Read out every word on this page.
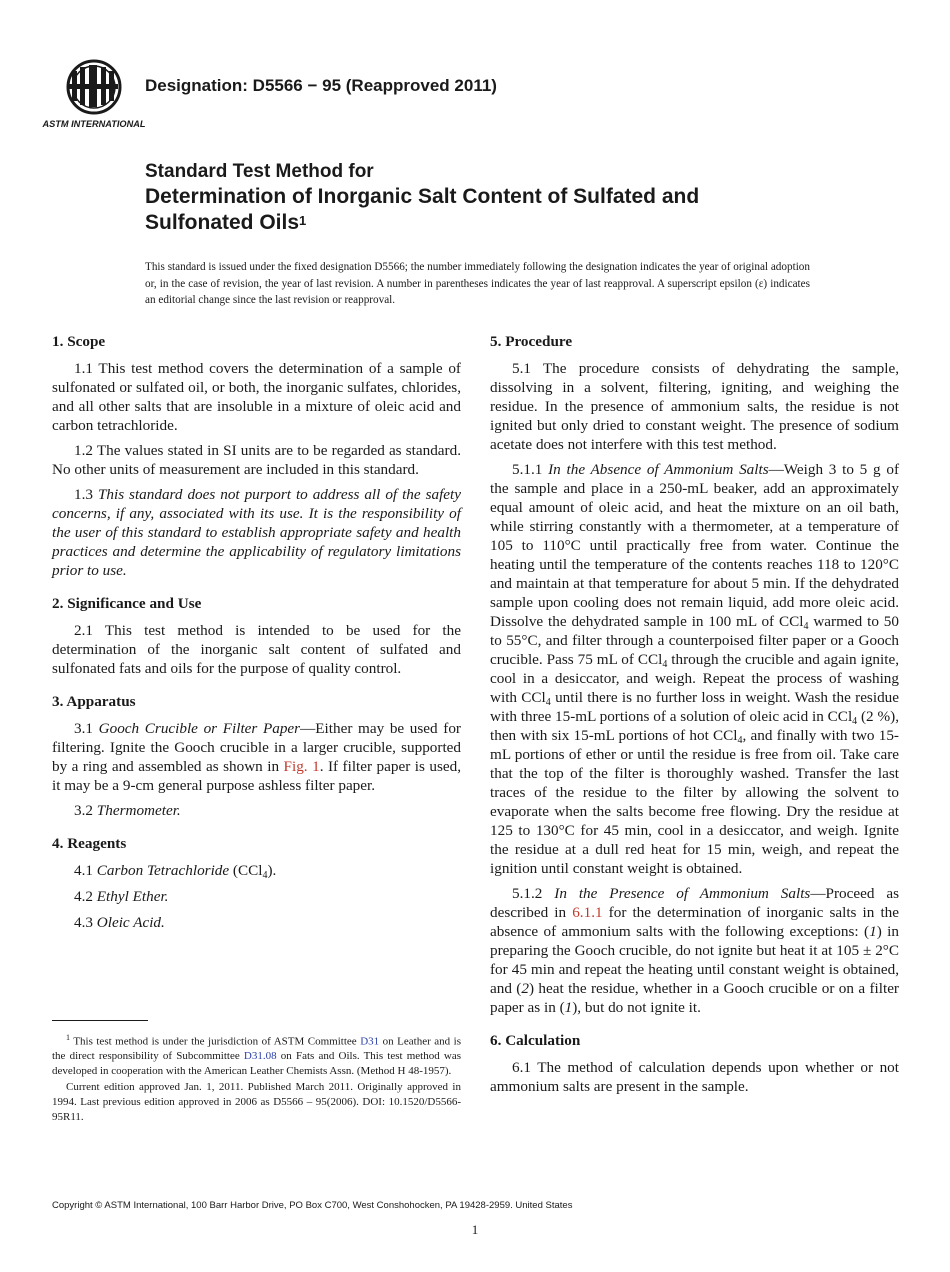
ASTM INTERNATIONAL
Designation: D5566 − 95 (Reapproved 2011)
Standard Test Method for
Determination of Inorganic Salt Content of Sulfated and
Sulfonated Oils$^1$
This standard is issued under the fixed designation D5566; the number immediately following the designation indicates the year of original adoption or, in the case of revision, the year of last revision. A number in parentheses indicates the year of last reapproval. A superscript epsilon (ε) indicates an editorial change since the last revision or reapproval.
1. Scope

1.1 This test method covers the determination of a sample of sulfonated or sulfated oil, or both, the inorganic sulfates, chlorides, and all other salts that are insoluble in a mixture of oleic acid and carbon tetrachloride.

1.2 The values stated in SI units are to be regarded as standard. No other units of measurement are included in this standard.

1.3 This standard does not purport to address all of the safety concerns, if any, associated with its use. It is the responsibility of the user of this standard to establish appropriate safety and health practices and determine the applicability of regulatory limitations prior to use.

2. Significance and Use

2.1 This test method is intended to be used for the determination of the inorganic salt content of sulfated and sulfonated fats and oils for the purpose of quality control.

3. Apparatus

3.1 Gooch Crucible or Filter Paper—Either may be used for filtering. Ignite the Gooch crucible in a larger crucible, supported by a ring and assembled as shown in Fig. 1. If filter paper is used, it may be a 9-cm general purpose ashless filter paper.

3.2 Thermometer.

4. Reagents

4.1 Carbon Tetrachloride (CCl$_4$).

4.2 Ethyl Ether.

4.3 Oleic Acid.

$^1$ This test method is under the jurisdiction of ASTM Committee D31 on Leather and is the direct responsibility of Subcommittee D31.08 on Fats and Oils. This test method was developed in cooperation with the American Leather Chemists Assn. (Method H 48-1957).

Current edition approved Jan. 1, 2011. Published March 2011. Originally approved in 1994. Last previous edition approved in 2006 as D5566 – 95(2006). DOI: 10.1520/D5566-95R11.

5. Procedure

5.1 The procedure consists of dehydrating the sample, dissolving in a solvent, filtering, igniting, and weighing the residue. In the presence of ammonium salts, the residue is not ignited but only dried to constant weight. The presence of sodium acetate does not interfere with this test method.

5.1.1 In the Absence of Ammonium Salts—Weigh 3 to 5 g of the sample and place in a 250-mL beaker, add an approximately equal amount of oleic acid, and heat the mixture on an oil bath, while stirring constantly with a thermometer, at a temperature of 105 to 110°C until practically free from water. Continue the heating until the temperature of the contents reaches 118 to 120°C and maintain at that temperature for about 5 min. If the dehydrated sample upon cooling does not remain liquid, add more oleic acid. Dissolve the dehydrated sample in 100 mL of CCl$_4$ warmed to 50 to 55°C, and filter through a counterpoised filter paper or a Gooch crucible. Pass 75 mL of CCl$_4$ through the crucible and again ignite, cool in a desiccator, and weigh. Repeat the process of washing with CCl$_4$ until there is no further loss in weight. Wash the residue with three 15-mL portions of a solution of oleic acid in CCl$_4$ (2 %), then with six 15-mL portions of hot CCl$_4$, and finally with two 15-mL portions of ether or until the residue is free from oil. Take care that the top of the filter is thoroughly washed. Transfer the last traces of the residue to the filter by allowing the solvent to evaporate when the salts become free flowing. Dry the residue at 125 to 130°C for 45 min, cool in a desiccator, and weigh. Ignite the residue at a dull red heat for 15 min, weigh, and repeat the ignition until constant weight is obtained.

5.1.2 In the Presence of Ammonium Salts—Proceed as described in 6.1.1 for the determination of inorganic salts in the absence of ammonium salts with the following exceptions: (1) in preparing the Gooch crucible, do not ignite but heat it at 105 ± 2°C for 45 min and repeat the heating until constant weight is obtained, and (2) heat the residue, whether in a Gooch crucible or on a filter paper as in (1), but do not ignite it.

6. Calculation

6.1 The method of calculation depends upon whether or not ammonium salts are present in the sample.

Copyright © ASTM International, 100 Barr Harbor Drive, PO Box C700, West Conshohocken, PA 19428-2959. United States
1
